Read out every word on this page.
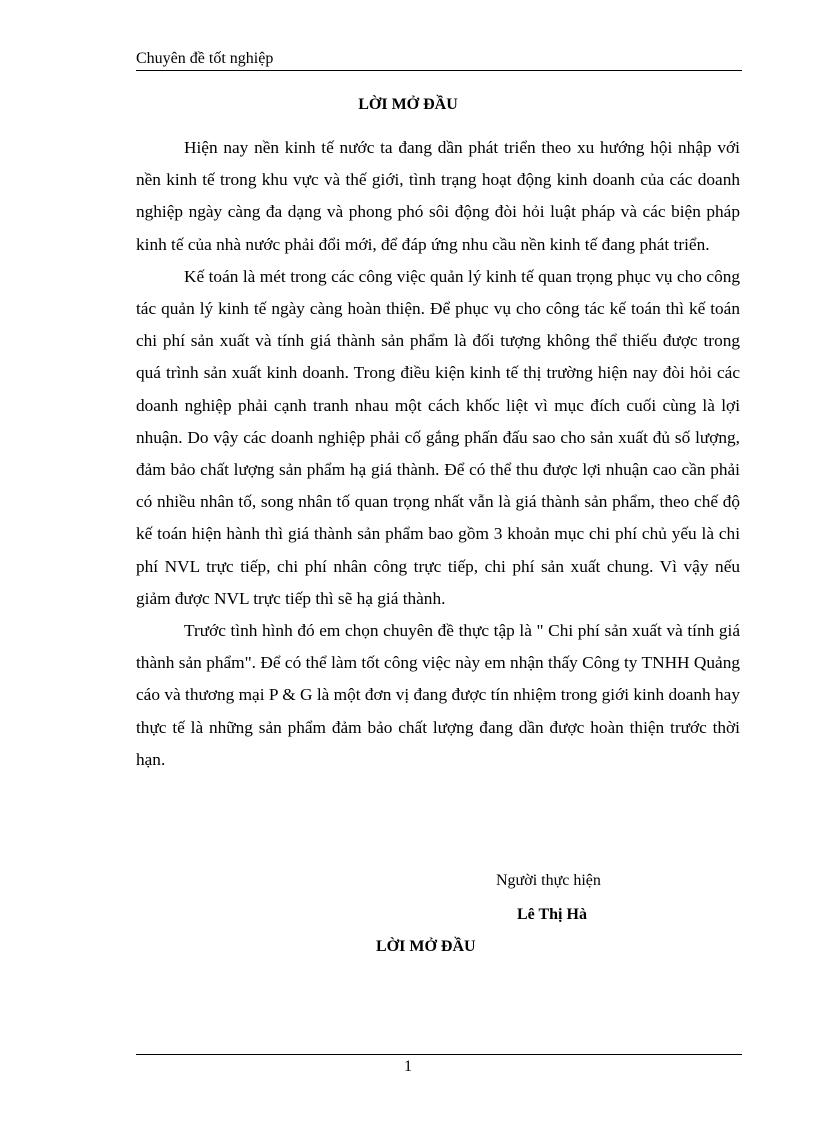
Chuyên đề tốt nghiệp
LỜI MỞ ĐẦU

Hiện nay nền kinh tế nước ta đang dần phát triển theo xu hướng hội nhập với nền kinh tế trong khu vực và thế giới, tình trạng hoạt động kinh doanh của các doanh nghiệp ngày càng đa dạng và phong phó sôi động đòi hỏi luật pháp và các biện pháp kinh tế của nhà nước phải đổi mới, để đáp ứng nhu cầu nền kinh tế đang phát triển.

Kế toán là mét trong các công việc quản lý kinh tế quan trọng phục vụ cho công tác quản lý kinh tế ngày càng hoàn thiện. Để phục vụ cho công tác kế toán thì kế toán chi phí sản xuất và tính giá thành sản phẩm là đối tượng không thể thiếu được trong quá trình sản xuất kinh doanh. Trong điều kiện kinh tế thị trường hiện nay đòi hỏi các doanh nghiệp phải cạnh tranh nhau một cách khốc liệt vì mục đích cuối cùng là lợi nhuận. Do vậy các doanh nghiệp phải cố gắng phấn đấu sao cho sản xuất đủ số lượng, đảm bảo chất lượng sản phẩm hạ giá thành. Để có thể thu được lợi nhuận cao cần phải có nhiều nhân tố, song nhân tố quan trọng nhất vẫn là giá thành sản phẩm, theo chế độ kế toán hiện hành thì giá thành sản phẩm bao gồm 3 khoản mục chi phí chủ yếu là chi phí NVL trực tiếp, chi phí nhân công trực tiếp, chi phí sản xuất chung. Vì vậy nếu giảm được NVL trực tiếp thì sẽ hạ giá thành.

Trước tình hình đó em chọn chuyên đề thực tập là " Chi phí sản xuất và tính giá thành sản phẩm". Để có thể làm tốt công việc này em nhận thấy Công ty TNHH Quảng cáo và thương mại P & G là một đơn vị đang được tín nhiệm trong giới kinh doanh hay thực tế là những sản phẩm đảm bảo chất lượng đang dần được hoàn thiện trước thời hạn.

Người thực hiện
Lê Thị Hà
LỜI MỞ ĐẦU
1
